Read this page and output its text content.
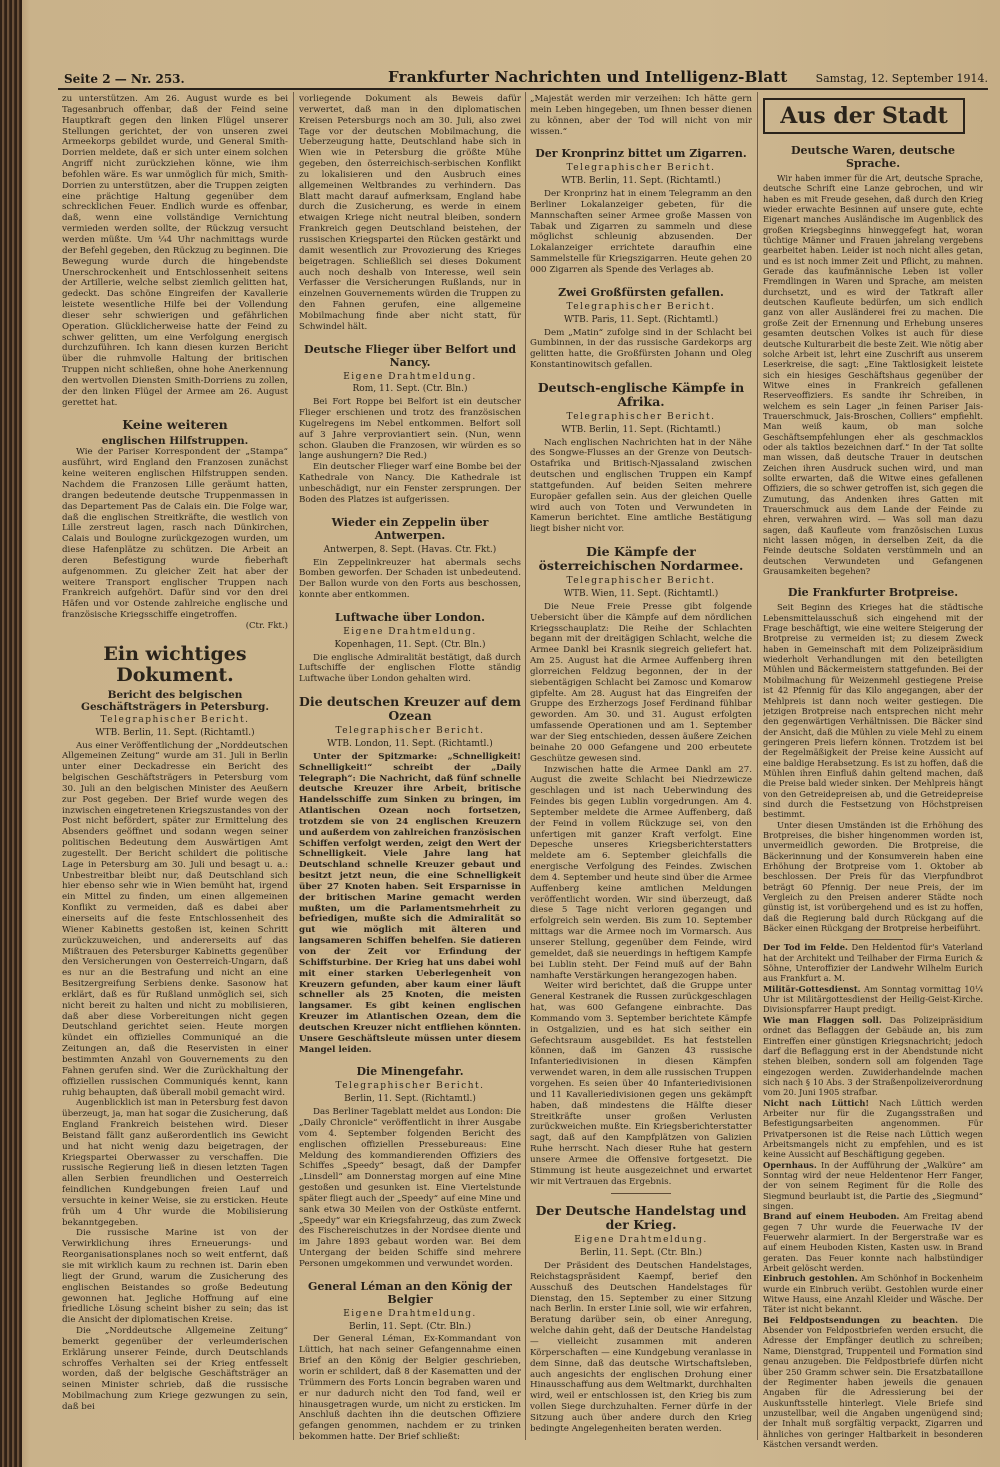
Seite 2 — Nr. 253.	Frankfurter Nachrichten und Intelligenz-Blatt	Samstag, 12. September 1914.

zu unterstützen. Am 26. August wurde es bei Tagesanbruch offenbar, daß der Feind seine Hauptkraft gegen den linken Flügel unserer Stellungen gerichtet, der von unseren zwei Armeekorps gebildet wurde, und General Smith-Dorrien meldete, daß er sich unter einem solchen Angriff nicht zurückziehen könne, wie ihm befohlen wäre. Es war unmöglich für mich, Smith-Dorrien zu unterstützen, aber die Truppen zeigten eine prächtige Haltung gegenüber dem schrecklichen Feuer. Endlich wurde es offenbar, daß, wenn eine vollständige Vernichtung vermieden werden sollte, der Rückzug versucht werden müßte. Um ¼4 Uhr nachmittags wurde der Befehl gegeben, den Rückzug zu beginnen. Die Bewegung wurde durch die hingebendste Unerschrockenheit und Entschlossenheit seitens der Artillerie, welche selbst ziemlich gelitten hat, gedeckt. Das schöne Eingreifen der Kavallerie leistete wesentliche Hilfe bei der Vollendung dieser sehr schwierigen und gefährlichen Operation. Glücklicherweise hatte der Feind zu schwer gelitten, um eine Verfolgung energisch durchzuführen. Ich kann diesen kurzen Bericht über die ruhmvolle Haltung der britischen Truppen nicht schließen, ohne hohe Anerkennung den wertvollen Diensten Smith-Dorriens zu zollen, der den linken Flügel der Armee am 26. August gerettet hat.

Keine weiteren
englischen Hilfstruppen.

Wie der Pariser Korrespondent der „Stampa“ ausführt, wird England den Franzosen zunächst keine weiteren englischen Hilfstruppen senden. Nachdem die Franzosen Lille geräumt hatten, drangen bedeutende deutsche Truppenmassen in das Departement Pas de Calais ein. Die Folge war, daß die englischen Streitkräfte, die westlich von Lille zerstreut lagen, rasch nach Dünkirchen, Calais und Boulogne zurückgezogen wurden, um diese Hafenplätze zu schützen. Die Arbeit an deren Befestigung wurde fieberhaft aufgenommen. Zu gleicher Zeit hat aber der weitere Transport englischer Truppen nach Frankreich aufgehört. Dafür sind vor den drei Häfen und vor Ostende zahlreiche englische und französische Kriegsschiffe eingetroffen.

(Ctr. Fkt.)
Ein wichtiges Dokument.
Bericht des belgischen Geschäftsträgers in Petersburg.
Telegraphischer Bericht.
WTB. Berlin, 11. Sept. (Richtamtl.)

Aus einer Veröffentlichung der „Norddeutschen Allgemeinen Zeitung“ wurde am 31. Juli in Berlin unter einer Deckadresse ein Bericht des belgischen Geschäftsträgers in Petersburg vom 30. Juli an den belgischen Minister des Aeußern zur Post gegeben. Der Brief wurde wegen des inzwischen eingetretenen Kriegszustandes von der Post nicht befördert, später zur Ermittelung des Absenders geöffnet und sodann wegen seiner politischen Bedeutung dem Auswärtigen Amt zugestellt. Der Bericht schildert die politische Lage in Petersburg am 30. Juli und besagt u. a.: Unbestreitbar bleibt nur, daß Deutschland sich hier ebenso sehr wie in Wien bemüht hat, irgend ein Mittel zu finden, um einen allgemeinen Konflikt zu vermeiden, daß es dabei aber einerseits auf die feste Entschlossenheit des Wiener Kabinetts gestoßen ist, keinen Schritt zurückzuweichen, und andererseits auf das Mißtrauen des Petersburger Kabinetts gegenüber den Versicherungen von Oesterreich-Ungarn, daß es nur an die Bestrafung und nicht an eine Besitzergreifung Serbiens denke. Sasonow hat erklärt, daß es für Rußland unmöglich sei, sich nicht bereit zu halten und nicht zu mobilisieren, daß aber diese Vorbereitungen nicht gegen Deutschland gerichtet seien. Heute morgen kündet ein offizielles Communiqué an die Zeitungen an, daß die Reservisten in einer bestimmten Anzahl von Gouvernements zu den Fahnen gerufen sind. Wer die Zurückhaltung der offiziellen russischen Communiqués kennt, kann ruhig behaupten, daß überall mobil gemacht wird.

Augenblicklich ist man in Petersburg fest davon überzeugt, ja, man hat sogar die Zusicherung, daß England Frankreich beistehen wird. Dieser Beistand fällt ganz außerordentlich ins Gewicht und hat nicht wenig dazu beigetragen, der Kriegspartei Oberwasser zu verschaffen. Die russische Regierung ließ in diesen letzten Tagen allen Serbien freundlichen und Oesterreich feindlichen Kundgebungen freien Lauf und versuchte in keiner Weise, sie zu ersticken. Heute früh um 4 Uhr wurde die Mobilisierung bekanntgegeben.

Die russische Marine ist von der Verwirklichung ihres Erneuerungs- und Reorganisationsplanes noch so weit entfernt, daß sie mit wirklich kaum zu rechnen ist. Darin eben liegt der Grund, warum die Zusicherung des englischen Beistandes so große Bedeutung gewonnen hat. Jegliche Hoffnung auf eine friedliche Lösung scheint bisher zu sein; das ist die Ansicht der diplomatischen Kreise.

Die „Norddeutsche Allgemeine Zeitung“ bemerkt gegenüber der verleumderischen Erklärung unserer Feinde, durch Deutschlands schroffes Verhalten sei der Krieg entfesselt worden, daß der belgische Geschäftsträger an seinen Minister schrieb, daß die russische Mobilmachung zum Kriege gezwungen zu sein, daß bei

vorliegende Dokument als Beweis dafür verwertet, daß man in den diplomatischen Kreisen Petersburgs noch am 30. Juli, also zwei Tage vor der deutschen Mobilmachung, die Ueberzeugung hatte, Deutschland habe sich in Wien wie in Petersburg die größte Mühe gegeben, den österreichisch-serbischen Konflikt zu lokalisieren und den Ausbruch eines allgemeinen Weltbrandes zu verhindern. Das Blatt macht darauf aufmerksam, England habe durch die Zusicherung, es werde in einem etwaigen Kriege nicht neutral bleiben, sondern Frankreich gegen Deutschland beistehen, der russischen Kriegspartei den Rücken gestärkt und damit wesentlich zur Provozierung des Krieges beigetragen. Schließlich sei dieses Dokument auch noch deshalb von Interesse, weil sein Verfasser die Versicherungen Rußlands, nur in einzelnen Gouvernements würden die Truppen zu den Fahnen gerufen, eine allgemeine Mobilmachung finde aber nicht statt, für Schwindel hält.

Deutsche Flieger über Belfort und Nancy.
Eigene Drahtmeldung.
Rom, 11. Sept. (Ctr. Bln.)

Bei Fort Roppe bei Belfort ist ein deutscher Flieger erschienen und trotz des französischen Kugelregens im Nebel entkommen. Belfort soll auf 3 Jahre verproviantiert sein. (Nun, wenn schon. Glauben die Franzosen, wir würden es so lange aushungern? Die Red.)

Ein deutscher Flieger warf eine Bombe bei der Kathedrale von Nancy. Die Kathedrale ist unbeschädigt, nur ein Fenster zersprungen. Der Boden des Platzes ist aufgerissen.

Wieder ein Zeppelin über Antwerpen.
Antwerpen, 8. Sept. (Havas. Ctr. Fkt.)

Ein Zeppelinkreuzer hat abermals sechs Bomben geworfen. Der Schaden ist unbedeutend. Der Ballon wurde von den Forts aus beschossen, konnte aber entkommen.

Luftwache über London.
Eigene Drahtmeldung.
Kopenhagen, 11. Sept. (Ctr. Bln.)

Die englische Admiralität bestätigt, daß durch Luftschiffe der englischen Flotte ständig Luftwache über London gehalten wird.

Die deutschen Kreuzer auf dem Ozean
Telegraphischer Bericht.
WTB. London, 11. Sept. (Richtamtl.)

Unter der Spitzmarke: „Schnelligkeit! Schnelligkeit!“ schreibt der „Daily Telegraph“: Die Nachricht, daß fünf schnelle deutsche Kreuzer ihre Arbeit, britische Handelsschiffe zum Sinken zu bringen, im Atlantischen Ozean noch fortsetzen, trotzdem sie von 24 englischen Kreuzern und außerdem von zahlreichen französischen Schiffen verfolgt werden, zeigt den Wert der Schnelligkeit. Viele Jahre lang hat Deutschland schnelle Kreuzer gebaut und besitzt jetzt neun, die eine Schnelligkeit über 27 Knoten haben. Seit Ersparnisse in der britischen Marine gemacht werden mußten, um die Parlamentsmehrheit zu befriedigen, mußte sich die Admiralität so gut wie möglich mit älteren und langsameren Schiffen behelfen. Sie datieren von der Zeit vor Erfindung der Schiffsturbine. Der Krieg hat uns dabei wohl mit einer starken Ueberlegenheit von Kreuzern gefunden, aber kaum einer läuft schneller als 25 Knoten, die meisten langsamer. Es gibt keinen englischen Kreuzer im Atlantischen Ozean, dem die deutschen Kreuzer nicht entfliehen könnten. Unsere Geschäftsleute müssen unter diesem Mangel leiden.

Die Minengefahr.
Telegraphischer Bericht.
Berlin, 11. Sept. (Richtamtl.)

Das Berliner Tageblatt meldet aus London: Die „Daily Chronicle“ veröffentlicht in ihrer Ausgabe vom 4. September folgenden Bericht des englischen offiziellen Pressebureaus: Eine Meldung des kommandierenden Offiziers des Schiffes „Speedy“ besagt, daß der Dampfer „Linsdell“ am Donnerstag morgen auf eine Mine gestoßen und gesunken ist. Eine Viertelstunde später fliegt auch der „Speedy“ auf eine Mine und sank etwa 30 Meilen von der Ostküste entfernt. „Speedy“ war ein Kriegsfahrzeug, das zum Zweck des Fischereischutzes in der Nordsee diente und im Jahre 1893 gebaut worden war. Bei dem Untergang der beiden Schiffe sind mehrere Personen umgekommen und verwundet worden.

General Léman an den König der Belgier
Eigene Drahtmeldung.
Berlin, 11. Sept. (Ctr. Bln.)

Der General Léman, Ex-Kommandant von Lüttich, hat nach seiner Gefangennahme einen Brief an den König der Belgier geschrieben, worin er schildert, daß 8 der Kasematten und der Trümmern des Forts Loncin begraben waren und er nur dadurch nicht den Tod fand, weil er hinausgetragen wurde, um nicht zu ersticken. Im Anschluß dachten ihn die deutschen Offiziere gefangen genommen, nachdem er zu trinken bekommen hatte. Der Brief schließt:

„Majestät werden mir verzeihen: Ich hätte gern mein Leben hingegeben, um Ihnen besser dienen zu können, aber der Tod will nicht von mir wissen.“

Der Kronprinz bittet um Zigarren.
Telegraphischer Bericht.
WTB. Berlin, 11. Sept. (Richtamtl.)

Der Kronprinz hat in einem Telegramm an den Berliner Lokalanzeiger gebeten, für die Mannschaften seiner Armee große Massen von Tabak und Zigarren zu sammeln und diese möglichst schleunig abzusenden. Der Lokalanzeiger errichtete daraufhin eine Sammelstelle für Kriegszigarren. Heute gehen 20 000 Zigarren als Spende des Verlages ab.

Zwei Großfürsten gefallen.
Telegraphischer Bericht.
WTB. Paris, 11. Sept. (Richtamtl.)

Dem „Matin“ zufolge sind in der Schlacht bei Gumbinnen, in der das russische Gardekorps arg gelitten hatte, die Großfürsten Johann und Oleg Konstantinowitsch gefallen.

Deutsch-englische Kämpfe in Afrika.
Telegraphischer Bericht.
WTB. Berlin, 11. Sept. (Richtamtl.)

Nach englischen Nachrichten hat in der Nähe des Songwe-Flusses an der Grenze von Deutsch-Ostafrika und Britisch-Njassaland zwischen deutschen und englischen Truppen ein Kampf stattgefunden. Auf beiden Seiten mehrere Europäer gefallen sein. Aus der gleichen Quelle wird auch von Toten und Verwundeten in Kamerun berichtet. Eine amtliche Bestätigung liegt bisher nicht vor.

Die Kämpfe der österreichischen Nordarmee.
Telegraphischer Bericht.
WTB. Wien, 11. Sept. (Richtamtl.)

Die Neue Freie Presse gibt folgende Uebersicht über die Kämpfe auf dem nördlichen Kriegsschauplatz: Die Reihe der Schlachten begann mit der dreitägigen Schlacht, welche die Armee Dankl bei Krasnik siegreich geliefert hat. Am 25. August hat die Armee Auffenberg ihren glorreichen Feldzug begonnen, der in der siebentägigen Schlacht bei Zamosc und Komarow gipfelte. Am 28. August hat das Eingreifen der Gruppe des Erzherzogs Josef Ferdinand fühlbar geworden. Am 30. und 31. August erfolgten umfassende Operationen und am 1. September war der Sieg entschieden, dessen äußere Zeichen beinahe 20 000 Gefangene und 200 erbeutete Geschütze gewesen sind.

Inzwischen hatte die Armee Dankl am 27. August die zweite Schlacht bei Niedrzewicze geschlagen und ist nach Ueberwindung des Feindes bis gegen Lublin vorgedrungen. Am 4. September meldete die Armee Auffenberg, daß der Feind in vollem Rückzuge sei, von den unfertigen mit ganzer Kraft verfolgt. Eine Depesche unseres Kriegsberichterstatters meldete am 6. September gleichfalls die energische Verfolgung des Feindes. Zwischen dem 4. September und heute sind über die Armee Auffenberg keine amtlichen Meldungen veröffentlicht worden. Wir sind überzeugt, daß diese 5 Tage nicht verloren gegangen und erfolgreich sein werden. Bis zum 10. September mittags war die Armee noch im Vormarsch. Aus unserer Stellung, gegenüber dem Feinde, wird gemeldet, daß sie neuerdings in heftigem Kampfe bei Lublin steht. Der Feind muß auf der Bahn namhafte Verstärkungen herangezogen haben.

Weiter wird berichtet, daß die Gruppe unter General Kestranek die Russen zurückgeschlagen hat, was 600 Gefangene einbrachte. Das Kommando vom 3. September berichtete Kämpfe in Ostgalizien, und es hat sich seither ein Gefechtsraum ausgebildet. Es hat feststellen können, daß im Ganzen 43 russische Infanteriedivisionen in diesen Kämpfen verwendet waren, in dem alle russischen Truppen vorgehen. Es seien über 40 Infanteriedivisionen und 11 Kavalleriedivisionen gegen uns gekämpft haben, daß mindestens die Hälfte dieser Streitkräfte unser großen Verlusten zurückweichen mußte. Ein Kriegsberichterstatter sagt, daß auf den Kampfplätzen von Galizien Ruhe herrscht. Nach dieser Ruhe hat gestern unsere Armee die Offensive fortgesetzt. Die Stimmung ist heute ausgezeichnet und erwartet wir mit Vertrauen das Ergebnis.

Der Deutsche Handelstag und der Krieg.
Eigene Drahtmeldung.
Berlin, 11. Sept. (Ctr. Bln.)

Der Präsident des Deutschen Handelstages, Reichstagspräsident Kaempf, berief den Ausschuß des Deutschen Handelstages für Dienstag, den 15. September zu einer Sitzung nach Berlin. In erster Linie soll, wie wir erfahren, Beratung darüber sein, ob einer Anregung, welche dahin geht, daß der Deutsche Handelstag — vielleicht zusammen mit anderen Körperschaften — eine Kundgebung veranlasse in dem Sinne, daß das deutsche Wirtschaftsleben, auch angesichts der englischen Drohung einer Hinausschaffung aus dem Weltmarkt, durchhalten wird, weil er entschlossen ist, den Krieg bis zum vollen Siege durchzuhalten. Ferner dürfe in der Sitzung auch über andere durch den Krieg bedingte Angelegenheiten beraten werden.

Aus der Stadt
Deutsche Waren, deutsche Sprache.

Wir haben immer für die Art, deutsche Sprache, deutsche Schrift eine Lanze gebrochen, und wir haben es mit Freude gesehen, daß durch den Krieg wieder erwachte Besinnen auf unsere gute, echte Eigenart manches Ausländische im Augenblick des großen Kriegsbeginns hinweggefegt hat, woran tüchtige Männer und Frauen jahrelang vergebens gearbeitet haben. Leider ist noch nicht alles getan, und es ist noch immer Zeit und Pflicht, zu mahnen. Gerade das kaufmännische Leben ist voller Fremdlingen in Waren und Sprache, am meisten durchsetzt, und es wird der Tatkraft aller deutschen Kaufleute bedürfen, um sich endlich ganz von aller Ausländerei frei zu machen. Die große Zeit der Ernennung und Erhebung unseres gesamten deutschen Volkes ist auch für diese deutsche Kulturarbeit die beste Zeit. Wie nötig aber solche Arbeit ist, lehrt eine Zuschrift aus unserem Leserkreise, die sagt: „Eine Taktlosigkeit leistete sich ein hiesiges Geschäftshaus gegenüber der Witwe eines in Frankreich gefallenen Reserveoffiziers. Es sandte ihr Schreiben, in welchem es sein Lager „in feinen Pariser Jais-Trauerschmuck, Jais-Broschen, Colliers“ empfiehlt. Man weiß kaum, ob man solche Geschäftsempfehlungen eher als geschmacklos oder als taktlos bezeichnen darf.“ In der Tat sollte man wissen, daß deutsche Trauer in deutschen Zeichen ihren Ausdruck suchen wird, und man sollte erwarten, daß die Witwe eines gefallenen Offiziers, die so schwer getroffen ist, sich gegen die Zumutung, das Andenken ihres Gatten mit Trauerschmuck aus dem Lande der Feinde zu ehren, verwahren wird. — Was soll man dazu sagen, daß Kaufleute vom französischen Luxus nicht lassen mögen, in derselben Zeit, da die Feinde deutsche Soldaten verstümmeln und an deutschen Verwundeten und Gefangenen Grausamkeiten begehen?

Die Frankfurter Brotpreise.

Seit Beginn des Krieges hat die städtische Lebensmittelausschuß sich eingehend mit der Frage beschäftigt, wie eine weitere Steigerung der Brotpreise zu vermeiden ist; zu diesem Zweck haben in Gemeinschaft mit dem Polizeipräsidium wiederholt Verhandlungen mit den beteiligten Mühlen und Bäckermeistern stattgefunden. Bei der Mobilmachung für Weizenmehl gestiegene Preise ist 42 Pfennig für das Kilo angegangen, aber der Mehlpreis ist dann noch weiter gestiegen. Die jetzigen Brotpreise nach entsprechen nicht mehr den gegenwärtigen Verhältnissen. Die Bäcker sind der Ansicht, daß die Mühlen zu viele Mehl zu einem geringeren Preis liefern können. Trotzdem ist bei der Regelmäßigkeit der Preise keine Aussicht auf eine baldige Herabsetzung. Es ist zu hoffen, daß die Mühlen ihren Einfluß dahin geltend machen, daß die Preise bald wieder sinken. Der Mehlpreis hängt von den Getreidepreisen ab, und die Getreidepreise sind durch die Festsetzung von Höchstpreisen bestimmt.

Unter diesen Umständen ist die Erhöhung des Brotpreises, die bisher hingenommen worden ist, unvermeidlich geworden. Die Brotpreise, die Bäckerinnung und der Konsumverein haben eine Erhöhung der Brotpreise vom 1. Oktober ab beschlossen. Der Preis für das Vierpfundbrot beträgt 60 Pfennig. Der neue Preis, der im Vergleich zu den Preisen anderer Städte noch günstig ist, ist vorübergehend und es ist zu hoffen, daß die Regierung bald durch Rückgang auf die Bäcker einen Rückgang der Brotpreise herbeiführt.

Der Tod im Felde. Den Heldentod für's Vaterland hat der Architekt und Teilhaber der Firma Eurich & Söhne, Unteroffizier der Landwehr Wilhelm Eurich aus Frankfurt a. M.

Militär-Gottesdienst. Am Sonntag vormittag 10¼ Uhr ist Militärgottesdienst der Heilig-Geist-Kirche. Divisionspfarrer Haupt predigt.

Wie man Flaggen soll. Das Polizeipräsidium ordnet das Beflaggen der Gebäude an, bis zum Eintreffen einer günstigen Kriegsnachricht; jedoch darf die Beflaggung erst in der Abendstunde nicht stehen bleiben, sondern soll am folgenden Tage eingezogen werden. Zuwiderhandelnde machen sich nach § 10 Abs. 3 der Straßenpolizeiverordnung vom 20. Juni 1905 strafbar.

Nicht nach Lüttich! Nach Lüttich werden Arbeiter nur für die Zugangsstraßen und Befestigungsarbeiten angenommen. Für Privatpersonen ist die Reise nach Lüttich wegen Arbeitsmangels nicht zu empfehlen, und es ist keine Aussicht auf Beschäftigung gegeben.

Opernhaus. In der Aufführung der „Walküre“ am Sonntag wird der neue Heldentenor Herr Fanger, der von seinem Regiment für die Rolle des Siegmund beurlaubt ist, die Partie des „Siegmund“ singen.

Brand auf einem Heuboden. Am Freitag abend gegen 7 Uhr wurde die Feuerwache IV der Feuerwehr alarmiert. In der Bergerstraße war es auf einem Heuboden Kisten, Kasten usw. in Brand geraten. Das Feuer konnte nach halbstündiger Arbeit gelöscht werden.

Einbruch gestohlen. Am Schönhof in Bockenheim wurde ein Einbruch verübt. Gestohlen wurde einer Witwe Hauss, eine Anzahl Kleider und Wäsche. Der Täter ist nicht bekannt.

Bei Feldpostsendungen zu beachten. Die Absender von Feldpostbriefen werden ersucht, die Adresse der Empfänger deutlich zu schreiben; Name, Dienstgrad, Truppenteil und Formation sind genau anzugeben. Die Feldpostbriefe dürfen nicht über 250 Gramm schwer sein. Die Ersatzbataillone der Regimenter haben jeweils die genauen Angaben für die Adressierung bei der Auskunftsstelle hinterlegt. Viele Briefe sind unzustellbar, weil die Angaben ungenügend sind; der Inhalt muß sorgfältig verpackt, Zigarren und ähnliches von geringer Haltbarkeit in besonderen Kästchen versandt werden.
